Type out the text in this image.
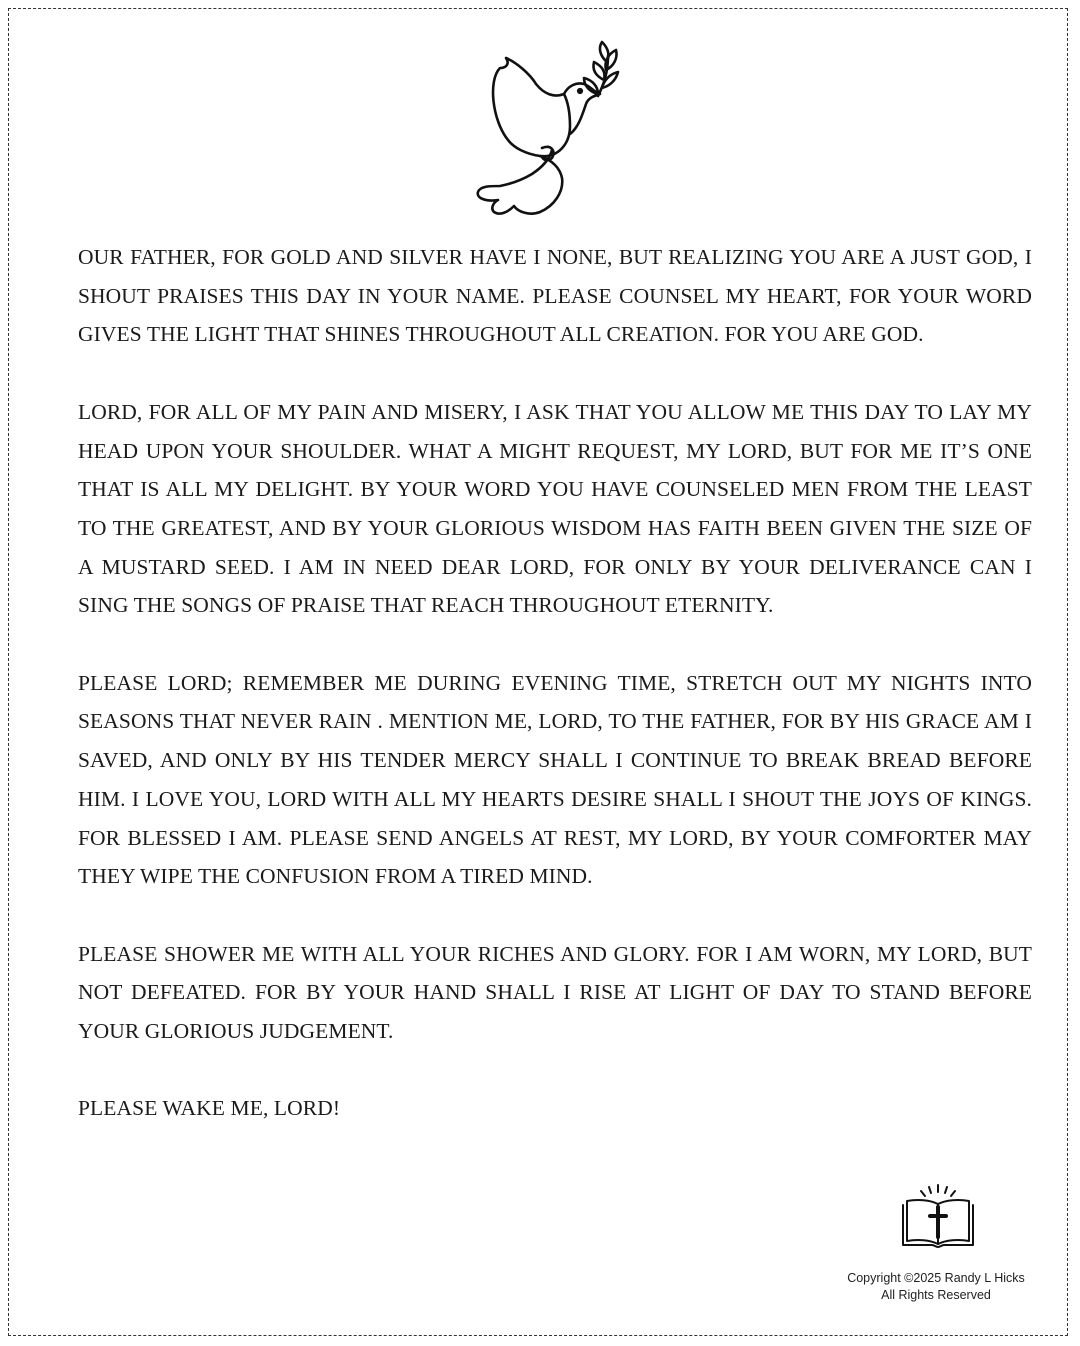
OUR FATHER, FOR GOLD AND SILVER HAVE I NONE, BUT REALIZING YOU ARE A JUST GOD, I SHOUT PRAISES THIS DAY IN YOUR NAME. PLEASE COUNSEL MY HEART, FOR YOUR WORD GIVES THE LIGHT THAT SHINES THROUGHOUT ALL CREATION. FOR YOU ARE GOD.

LORD, FOR ALL OF MY PAIN AND MISERY, I ASK THAT YOU ALLOW ME THIS DAY TO LAY MY HEAD UPON YOUR SHOULDER. WHAT A MIGHT REQUEST, MY LORD, BUT FOR ME IT’S ONE THAT IS ALL MY DELIGHT. BY YOUR WORD YOU HAVE COUNSELED MEN FROM THE LEAST TO THE GREATEST, AND BY YOUR GLORIOUS WISDOM HAS FAITH BEEN GIVEN THE SIZE OF A MUSTARD SEED. I AM IN NEED DEAR LORD, FOR ONLY BY YOUR DELIVERANCE CAN I SING THE SONGS OF PRAISE THAT REACH THROUGHOUT ETERNITY.

PLEASE LORD; REMEMBER ME DURING EVENING TIME, STRETCH OUT MY NIGHTS INTO SEASONS THAT NEVER RAIN . MENTION ME, LORD, TO THE FATHER, FOR BY HIS GRACE AM I SAVED, AND ONLY BY HIS TENDER MERCY SHALL I CONTINUE TO BREAK BREAD BEFORE HIM. I LOVE YOU, LORD WITH ALL MY HEARTS DESIRE SHALL I SHOUT THE JOYS OF KINGS. FOR BLESSED I AM. PLEASE SEND ANGELS AT REST, MY LORD, BY YOUR COMFORTER MAY THEY WIPE THE CONFUSION FROM A TIRED MIND.

PLEASE SHOWER ME WITH ALL YOUR RICHES AND GLORY. FOR I AM WORN, MY LORD, BUT NOT DEFEATED. FOR BY YOUR HAND SHALL I RISE AT LIGHT OF DAY TO STAND BEFORE YOUR GLORIOUS JUDGEMENT.

PLEASE WAKE ME, LORD!

Copyright ©2025 Randy L Hicks
All Rights Reserved
